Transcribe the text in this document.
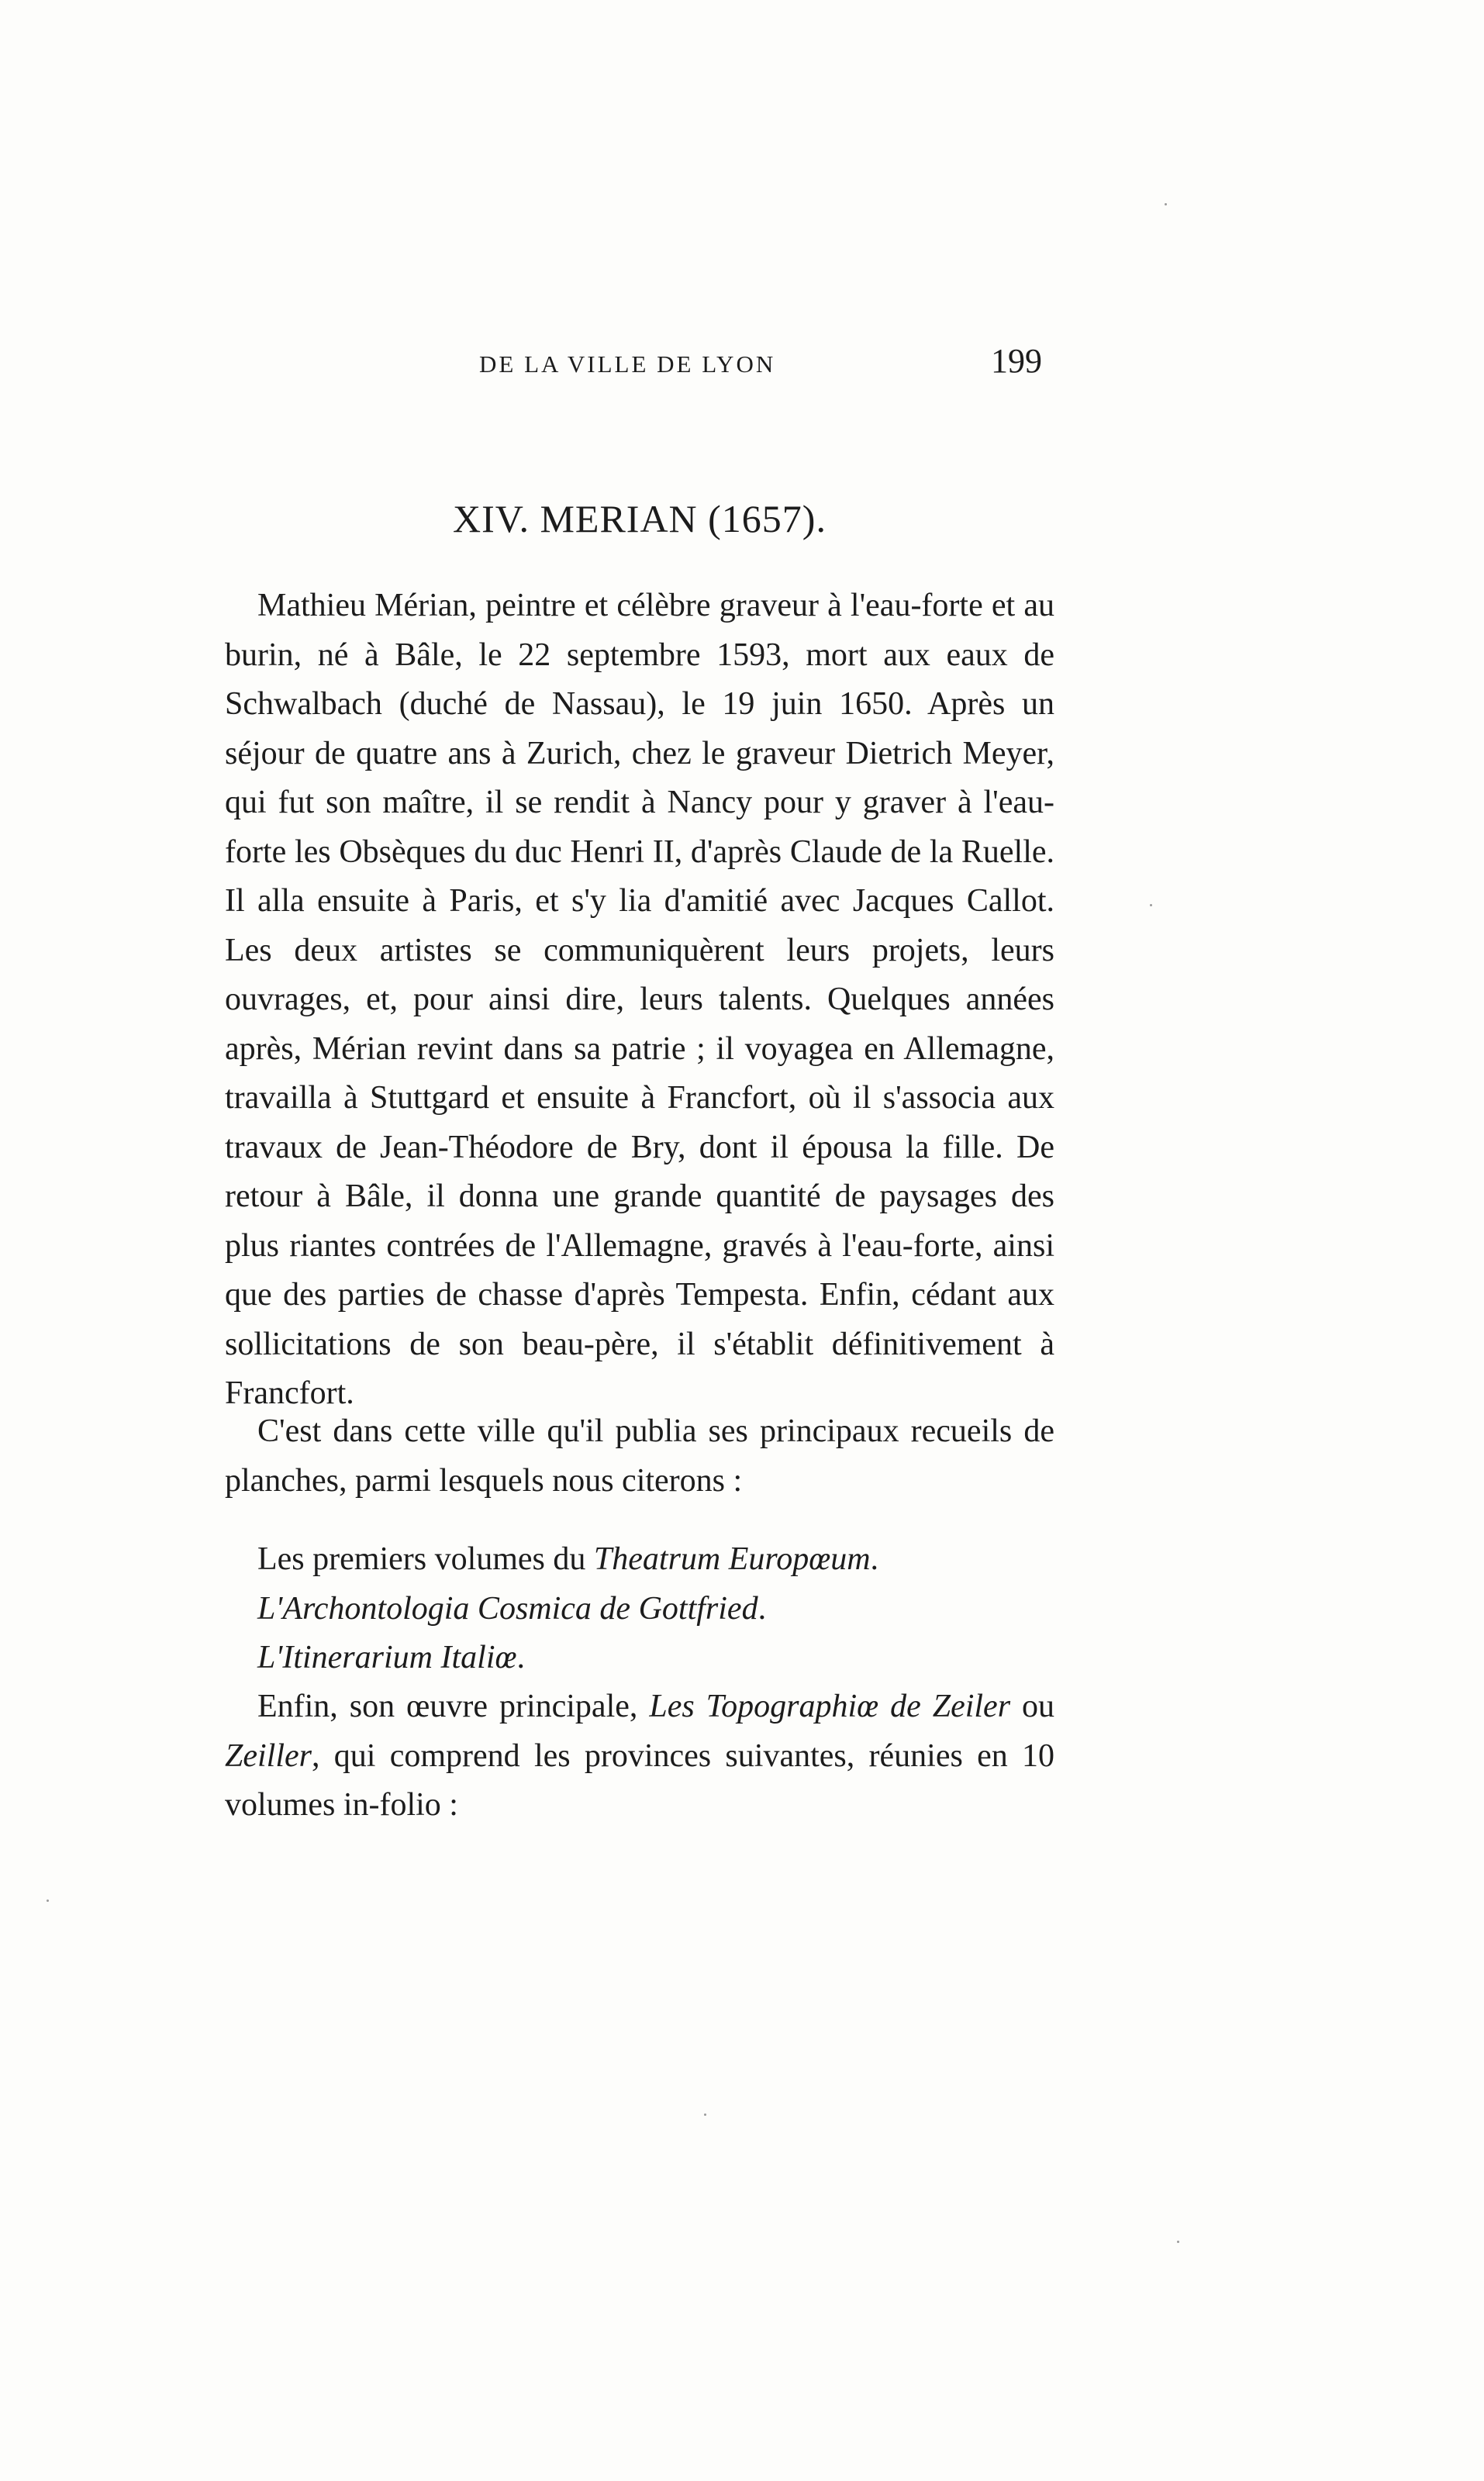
DE LA VILLE DE LYON	199
XIV. MERIAN (1657).

Mathieu Mérian, peintre et célèbre graveur à l'eau-forte et au burin, né à Bâle, le 22 septembre 1593, mort aux eaux de Schwalbach (duché de Nassau), le 19 juin 1650. Après un séjour de quatre ans à Zurich, chez le graveur Dietrich Meyer, qui fut son maître, il se rendit à Nancy pour y graver à l'eau-forte les Obsèques du duc Henri II, d'après Claude de la Ruelle. Il alla ensuite à Paris, et s'y lia d'amitié avec Jacques Callot. Les deux artistes se communiquèrent leurs projets, leurs ouvrages, et, pour ainsi dire, leurs talents. Quelques années après, Mérian revint dans sa patrie ; il voyagea en Allemagne, travailla à Stuttgard et ensuite à Francfort, où il s'associa aux travaux de Jean-Théodore de Bry, dont il épousa la fille. De retour à Bâle, il donna une grande quantité de paysages des plus riantes contrées de l'Allemagne, gravés à l'eau-forte, ainsi que des parties de chasse d'après Tempesta. Enfin, cédant aux sollicitations de son beau-père, il s'établit définitivement à Francfort.

C'est dans cette ville qu'il publia ses principaux recueils de planches, parmi lesquels nous citerons :

Les premiers volumes du Theatrum Europœum.
L'Archontologia Cosmica de Gottfried.
L'Itinerarium Italiœ.

Enfin, son œuvre principale, Les Topographiœ de Zeiler ou Zeiller, qui comprend les provinces suivantes, réunies en 10 volumes in-folio :
